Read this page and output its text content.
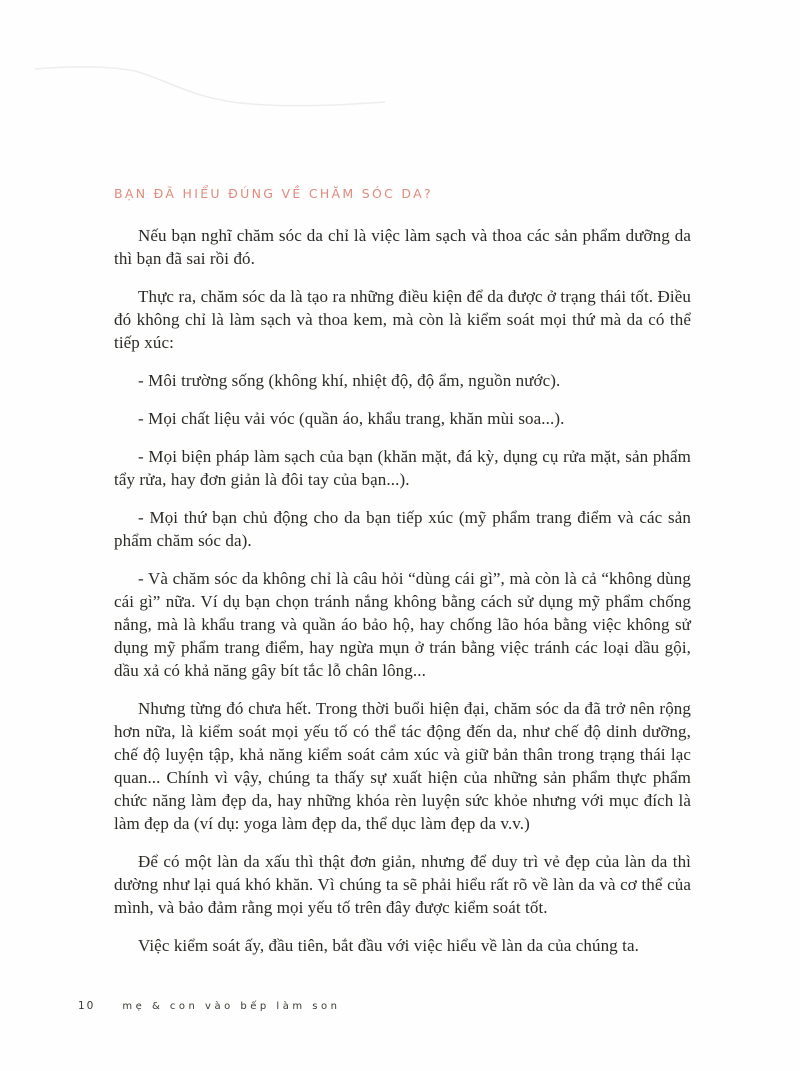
BẠN ĐÃ HIỂU ĐÚNG VỀ CHĂM SÓC DA?

Nếu bạn nghĩ chăm sóc da chỉ là việc làm sạch và thoa các sản phẩm dưỡng da thì bạn đã sai rồi đó.

Thực ra, chăm sóc da là tạo ra những điều kiện để da được ở trạng thái tốt. Điều đó không chỉ là làm sạch và thoa kem, mà còn là kiểm soát mọi thứ mà da có thể tiếp xúc:

- Môi trường sống (không khí, nhiệt độ, độ ẩm, nguồn nước).

- Mọi chất liệu vải vóc (quần áo, khẩu trang, khăn mùi soa...).

- Mọi biện pháp làm sạch của bạn (khăn mặt, đá kỳ, dụng cụ rửa mặt, sản phẩm tẩy rửa, hay đơn giản là đôi tay của bạn...).

- Mọi thứ bạn chủ động cho da bạn tiếp xúc (mỹ phẩm trang điểm và các sản phẩm chăm sóc da).

- Và chăm sóc da không chỉ là câu hỏi “dùng cái gì”, mà còn là cả “không dùng cái gì” nữa. Ví dụ bạn chọn tránh nắng không bằng cách sử dụng mỹ phẩm chống nắng, mà là khẩu trang và quần áo bảo hộ, hay chống lão hóa bằng việc không sử dụng mỹ phẩm trang điểm, hay ngừa mụn ở trán bằng việc tránh các loại dầu gội, dầu xả có khả năng gây bít tắc lỗ chân lông...

Nhưng từng đó chưa hết. Trong thời buổi hiện đại, chăm sóc da đã trở nên rộng hơn nữa, là kiểm soát mọi yếu tố có thể tác động đến da, như chế độ dinh dưỡng, chế độ luyện tập, khả năng kiểm soát cảm xúc và giữ bản thân trong trạng thái lạc quan... Chính vì vậy, chúng ta thấy sự xuất hiện của những sản phẩm thực phẩm chức năng làm đẹp da, hay những khóa rèn luyện sức khỏe nhưng với mục đích là làm đẹp da (ví dụ: yoga làm đẹp da, thể dục làm đẹp da v.v.)

Để có một làn da xấu thì thật đơn giản, nhưng để duy trì vẻ đẹp của làn da thì dường như lại quá khó khăn. Vì chúng ta sẽ phải hiểu rất rõ về làn da và cơ thể của mình, và bảo đảm rằng mọi yếu tố trên đây được kiểm soát tốt.

Việc kiểm soát ấy, đầu tiên, bắt đầu với việc hiểu về làn da của chúng ta.

10	mẹ & con vào bếp làm son
